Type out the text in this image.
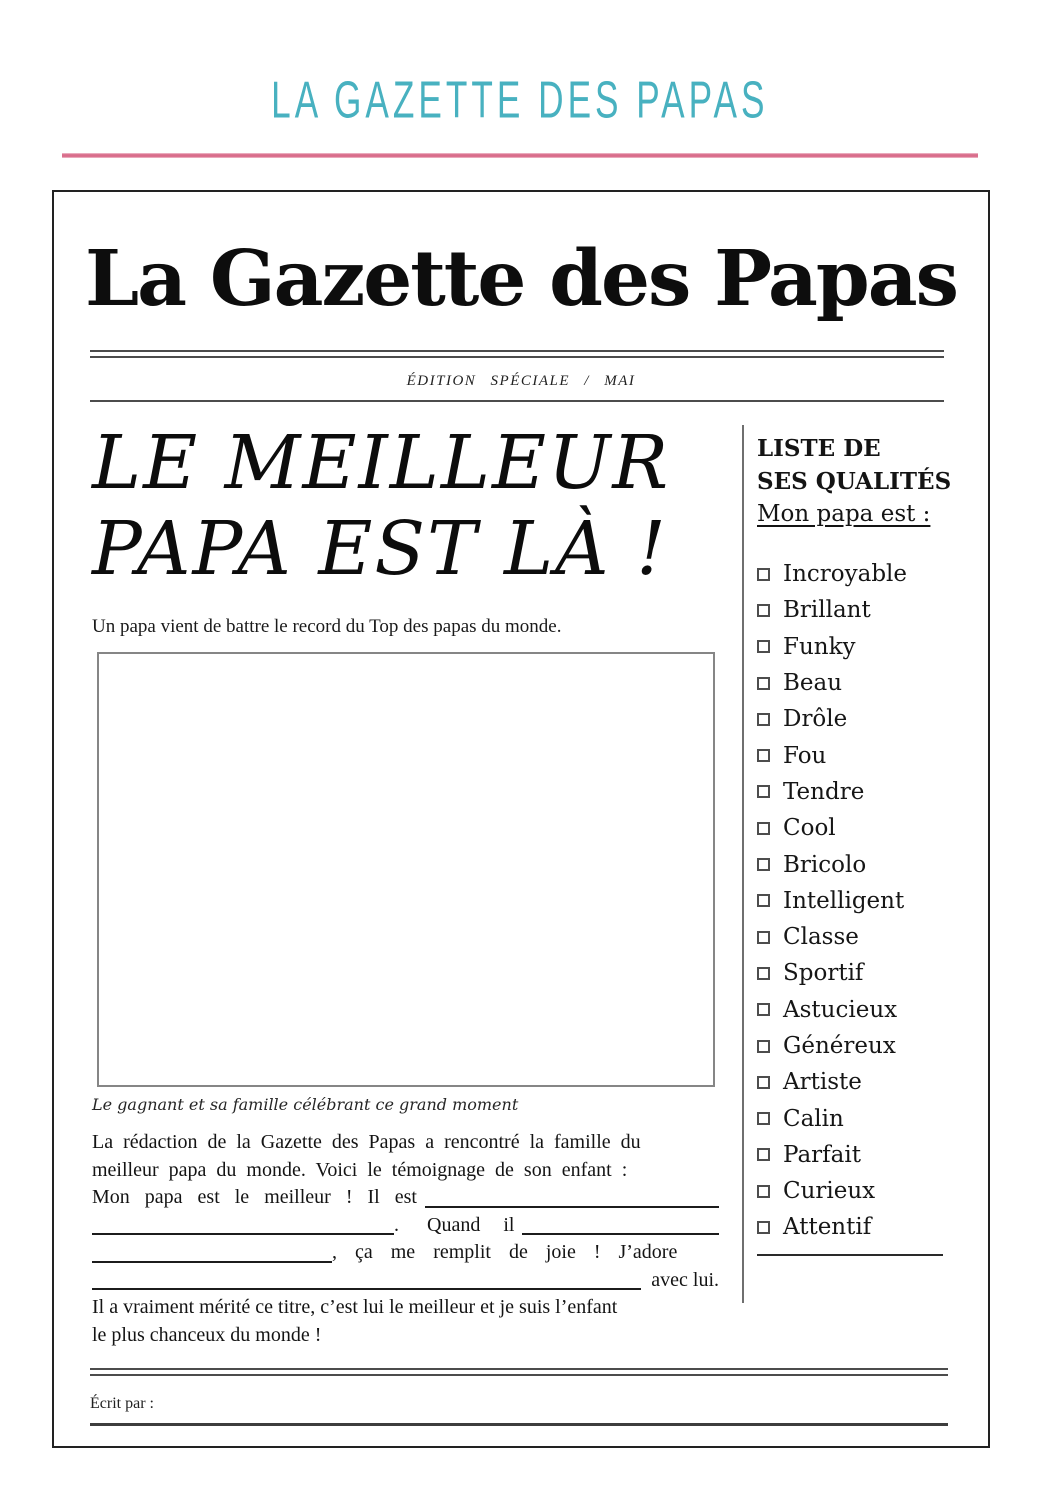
LA GAZETTE DES PAPAS
La Gazette des Papas
ÉDITION SPÉCIALE / MAI
LE MEILLEUR
PAPA EST LÀ !
Un papa vient de battre le record du Top des papas du monde.
Le gagnant et sa famille célébrant ce grand moment
La rédaction de la Gazette des Papas a rencontré la famille du
meilleur papa du monde. Voici le témoignage de son enfant :
Mon papa est le meilleur ! Il est
. Quand il
, ça me remplit de joie ! J’adore
avec lui.
Il a vraiment mérité ce titre, c’est lui le meilleur et je suis l’enfant
le plus chanceux du monde !
LISTE DE
SES QUALITÉS
Mon papa est :
Incroyable
Brillant
Funky
Beau
Drôle
Fou
Tendre
Cool
Bricolo
Intelligent
Classe
Sportif
Astucieux
Généreux
Artiste
Calin
Parfait
Curieux
Attentif
Écrit par :
